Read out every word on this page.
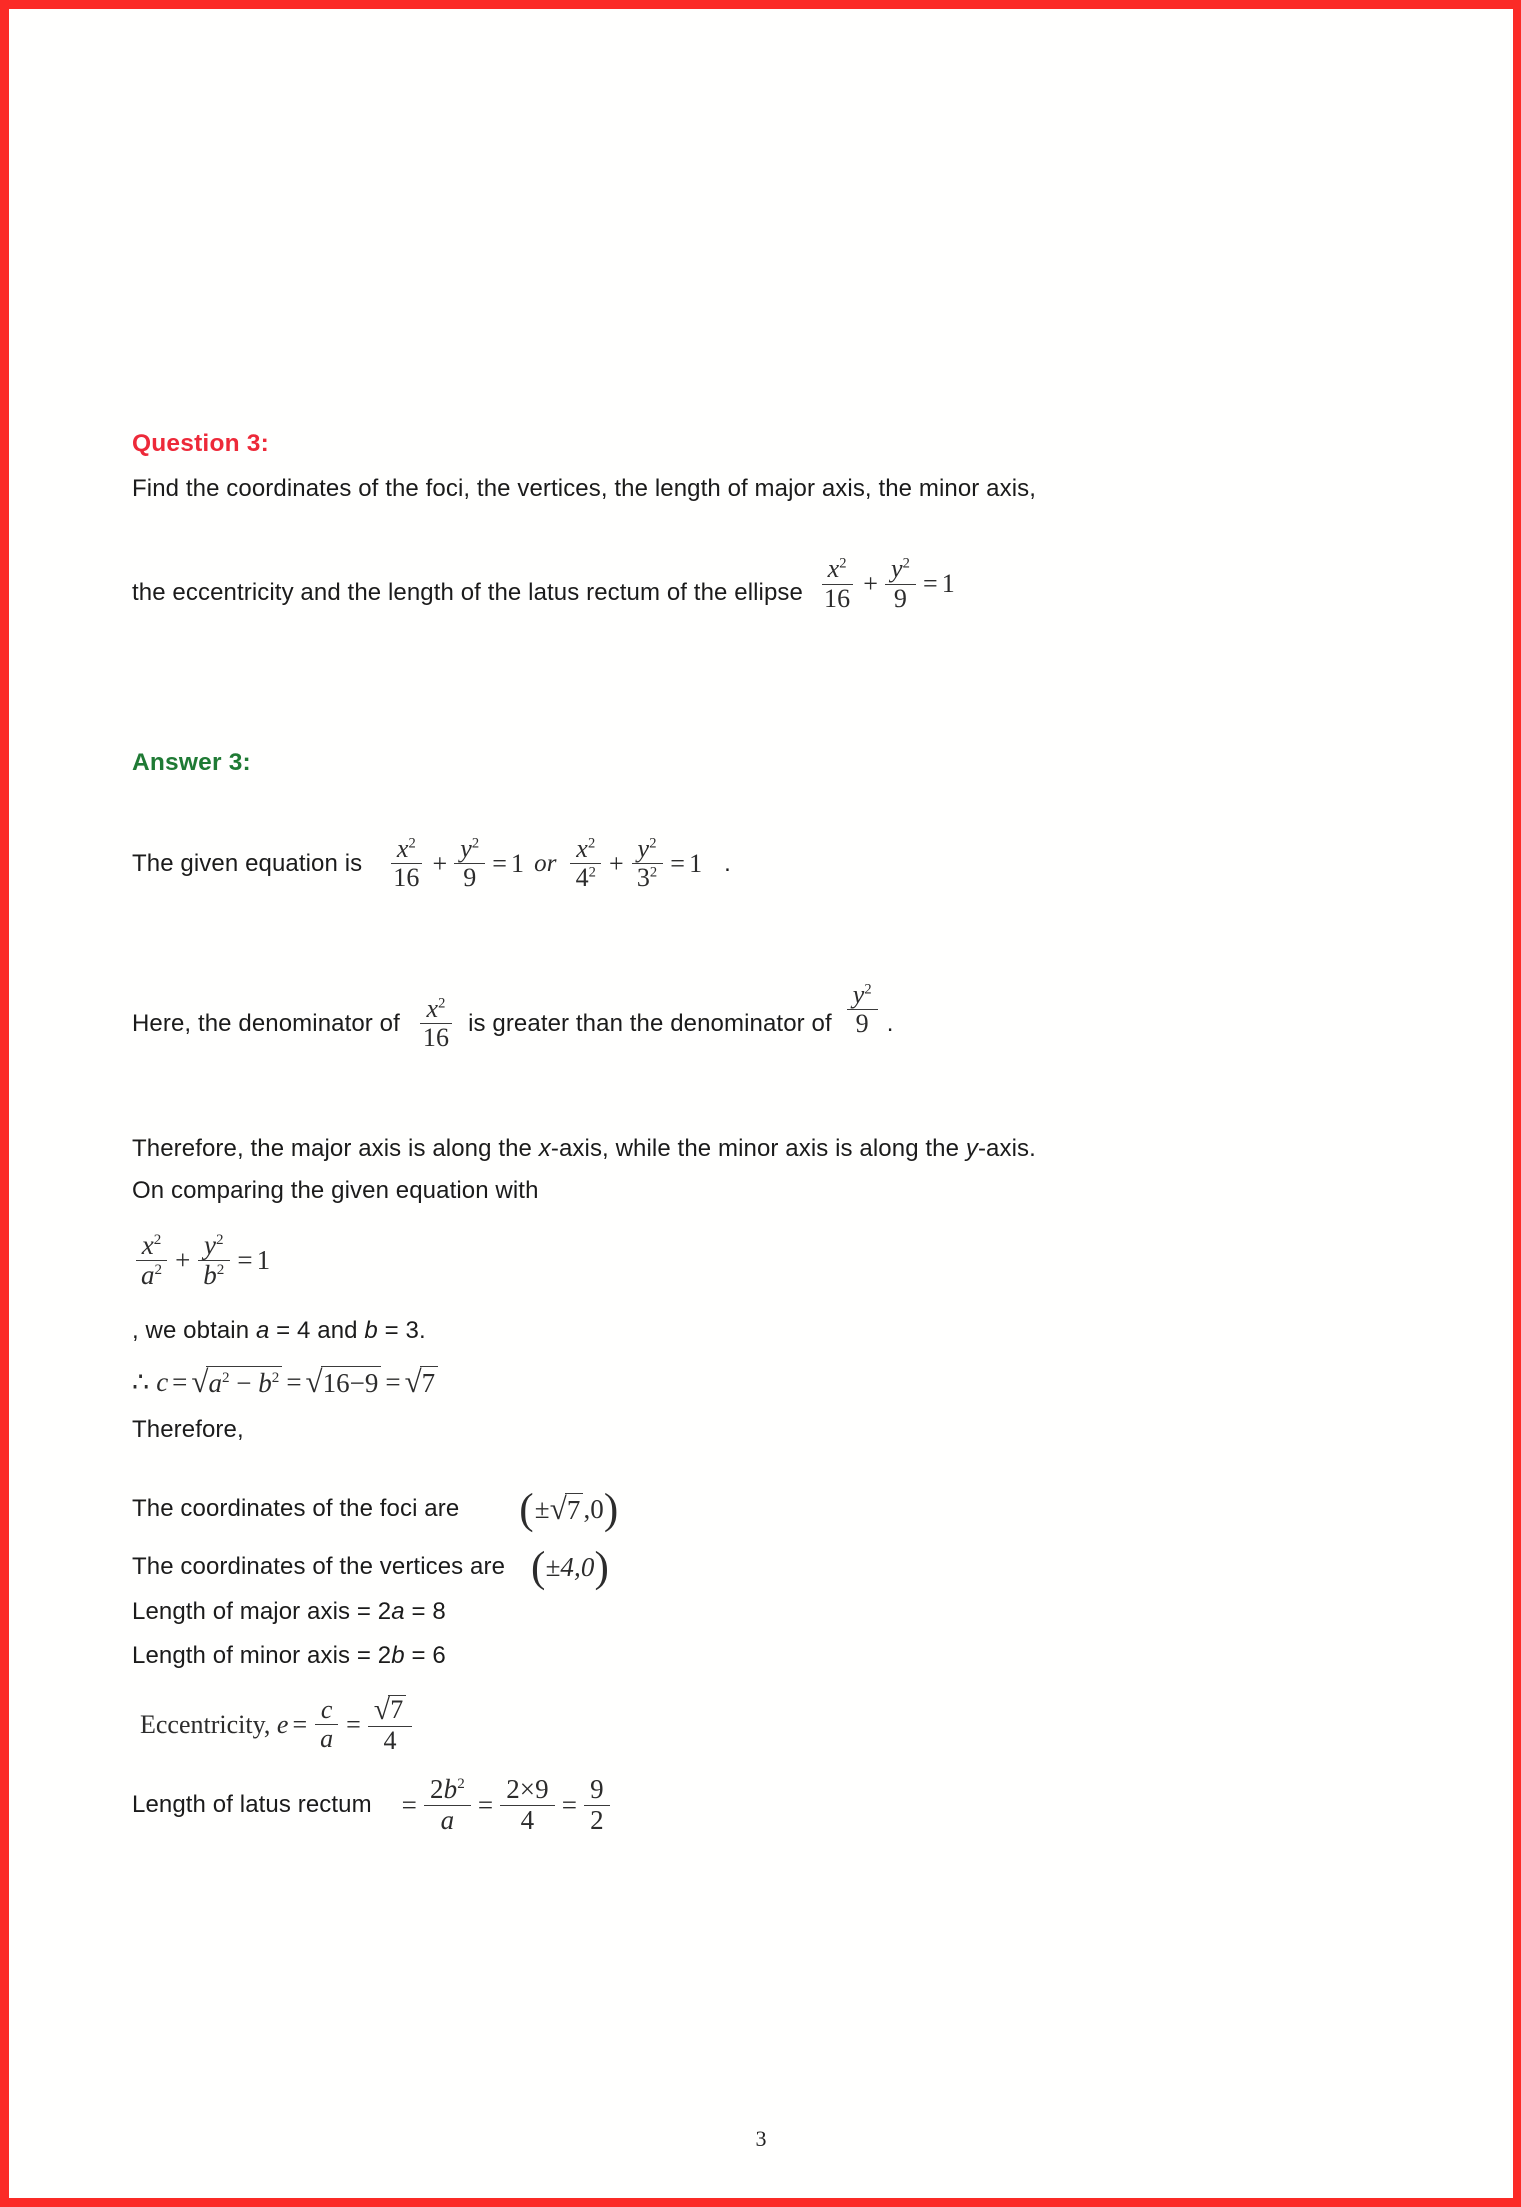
Question 3:
Find the coordinates of the foci, the vertices, the length of major axis, the minor axis,
the eccentricity and the length of the latus rectum of the ellipse $\frac{x^2}{16} + \frac{y^2}{9} = 1$
Answer 3:
The given equation is $\frac{x^2}{16} + \frac{y^2}{9} = 1$ or $\frac{x^2}{4^2} + \frac{y^2}{3^2} = 1$ .
Here, the denominator of $\frac{x^2}{16}$ is greater than the denominator of $\frac{y^2}{9}$ .
Therefore, the major axis is along the x-axis, while the minor axis is along the y-axis.
On comparing the given equation with
$\frac{x^2}{a^2} + \frac{y^2}{b^2} = 1$
, we obtain a = 4 and b = 3.
∴ c = √ $a^2 - b^2$ = √ 16−9 = √ 7
Therefore,
The coordinates of the foci are ( ± √ 7 ,0 )
The coordinates of the vertices are ( ±4,0 )
Length of major axis = 2a = 8
Length of minor axis = 2b = 6
Eccentricity, $e = \frac{c}{a} = \frac{√ 7}{4}$
Length of latus rectum = $\frac{2b^2}{a} = \frac{2\times 9}{4} = \frac{9}{2}$
3
